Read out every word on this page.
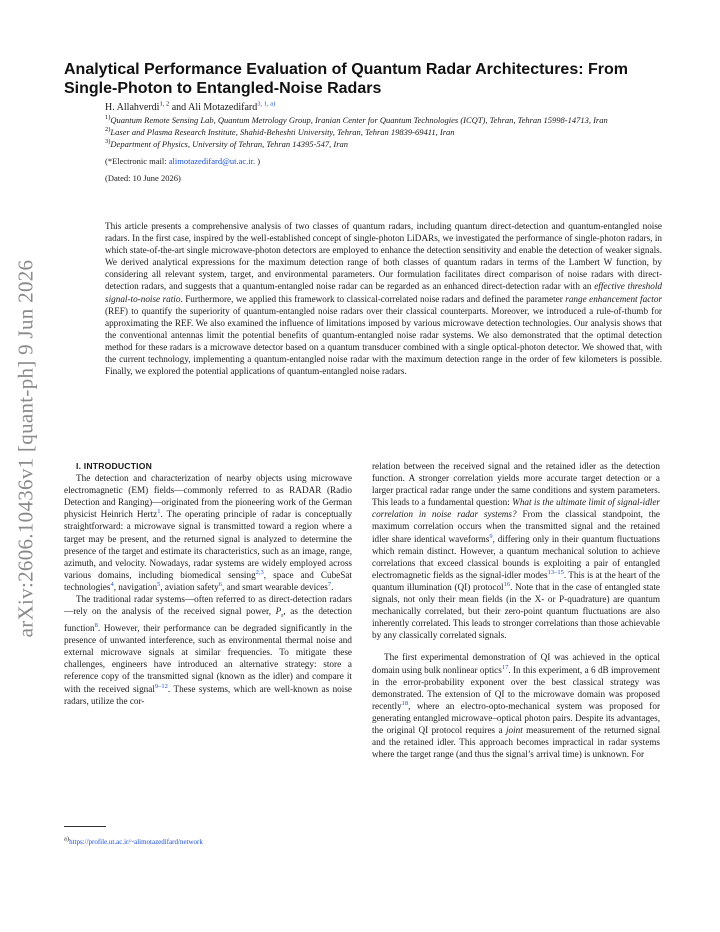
arXiv:2606.10436v1 [quant-ph] 9 Jun 2026
Analytical Performance Evaluation of Quantum Radar Architectures: From Single-Photon to Entangled-Noise Radars
H. Allahverdi$^{1, 2}$ and Ali Motazedifard$^{3, 1, a)}$
$^{1)}$Quantum Remote Sensing Lab, Quantum Metrology Group, Iranian Center for Quantum Technologies (ICQT), Tehran, Tehran 15998-14713, Iran
$^{2)}$Laser and Plasma Research Institute, Shahid-Beheshti University, Tehran, Tehran 19839-69411, Iran
$^{3)}$Department of Physics, University of Tehran, Tehran 14395-547, Iran
(*Electronic mail: alimotazedifard@ut.ac.ir. )
(Dated: 10 June 2026)

This article presents a comprehensive analysis of two classes of quantum radars, including quantum direct-detection and quantum-entangled noise radars. In the first case, inspired by the well-established concept of single-photon LiDARs, we investigated the performance of single-photon radars, in which state-of-the-art single microwave-photon detectors are employed to enhance the detection sensitivity and enable the detection of weaker signals. We derived analytical expressions for the maximum detection range of both classes of quantum radars in terms of the Lambert W function, by considering all relevant system, target, and environmental parameters. Our formulation facilitates direct comparison of noise radars with direct-detection radars, and suggests that a quantum-entangled noise radar can be regarded as an enhanced direct-detection radar with an effective threshold signal-to-noise ratio. Furthermore, we applied this framework to classical-correlated noise radars and defined the parameter range enhancement factor (REF) to quantify the superiority of quantum-entangled noise radars over their classical counterparts. Moreover, we introduced a rule-of-thumb for approximating the REF. We also examined the influence of limitations imposed by various microwave detection technologies. Our analysis shows that the conventional antennas limit the potential benefits of quantum-entangled noise radar systems. We also demonstrated that the optimal detection method for these radars is a microwave detector based on a quantum transducer combined with a single optical-photon detector. We showed that, with the current technology, implementing a quantum-entangled noise radar with the maximum detection range in the order of few kilometers is possible. Finally, we explored the potential applications of quantum-entangled noise radars.

I. INTRODUCTION

The detection and characterization of nearby objects using microwave electromagnetic (EM) fields—commonly referred to as RADAR (Radio Detection and Ranging)—originated from the pioneering work of the German physicist Heinrich Hertz$^1$. The operating principle of radar is conceptually straightforward: a microwave signal is transmitted toward a region where a target may be present, and the returned signal is analyzed to determine the presence of the target and estimate its characteristics, such as an image, range, azimuth, and velocity. Nowadays, radar systems are widely employed across various domains, including biomedical sensing$^{2,3}$, space and CubeSat technologies$^4$, navigation$^5$, aviation safety$^6$, and smart wearable devices$^7$.

The traditional radar systems—often referred to as direct-detection radars—rely on the analysis of the received signal power, $P_r$, as the detection function$^8$. However, their performance can be degraded significantly in the presence of unwanted interference, such as environmental thermal noise and external microwave signals at similar frequencies. To mitigate these challenges, engineers have introduced an alternative strategy: store a reference copy of the transmitted signal (known as the idler) and compare it with the received signal$^{9-12}$. These systems, which are well-known as noise radars, utilize the cor-

relation between the received signal and the retained idler as the detection function. A stronger correlation yields more accurate target detection or a larger practical radar range under the same conditions and system parameters. This leads to a fundamental question: What is the ultimate limit of signal-idler correlation in noise radar systems? From the classical standpoint, the maximum correlation occurs when the transmitted signal and the retained idler share identical waveforms$^9$, differing only in their quantum fluctuations which remain distinct. However, a quantum mechanical solution to achieve correlations that exceed classical bounds is exploiting a pair of entangled electromagnetic fields as the signal-idler modes$^{13-15}$. This is at the heart of the quantum illumination (QI) protocol$^{16}$. Note that in the case of entangled state signals, not only their mean fields (in the X- or P-quadrature) are quantum mechanically correlated, but their zero-point quantum fluctuations are also inherently correlated. This leads to stronger correlations than those achievable by any classically correlated signals.

The first experimental demonstration of QI was achieved in the optical domain using bulk nonlinear optics$^{17}$. In this experiment, a 6 dB improvement in the error-probability exponent over the best classical strategy was demonstrated. The extension of QI to the microwave domain was proposed recently$^{18}$, where an electro-opto-mechanical system was proposed for generating entangled microwave–optical photon pairs. Despite its advantages, the original QI protocol requires a joint measurement of the returned signal and the retained idler. This approach becomes impractical in radar systems where the target range (and thus the signal’s arrival time) is unknown. For

$^{a)}$https://profile.ut.ac.ir/~alimotazedifard/network
